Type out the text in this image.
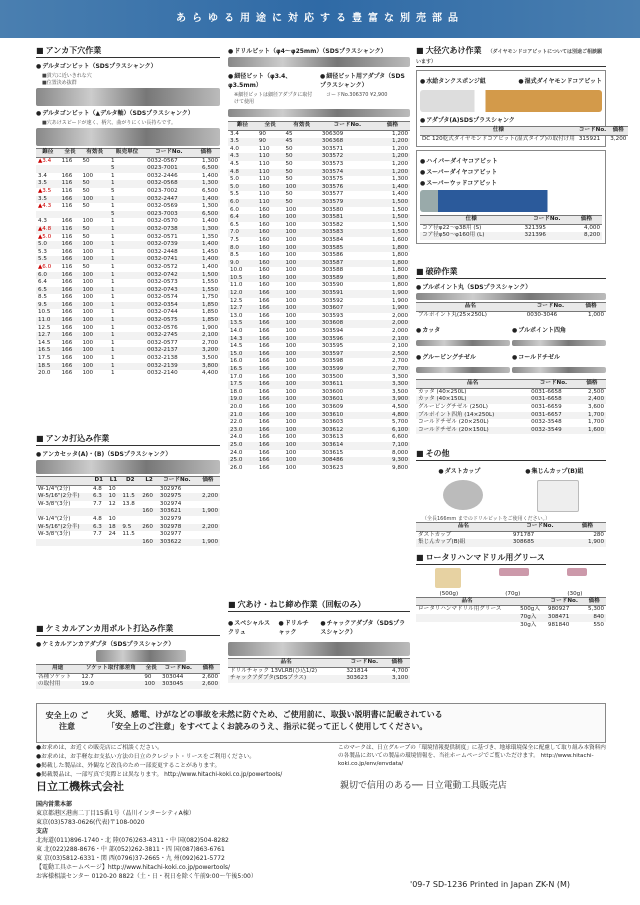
あらゆる用途に対応する豊富な別売部品
■ アンカ下穴作業
● デルタゴンビット（SDSプラスシャンク）
■貫穴に近いきれな穴
■位置決め抜群
● デルタゴンビット（▲デルタ軸）（SDSプラスシャンク）
■穴あけスピードが速く、柄穴、曲がりにくい長持ちです。
錐径	全長	有効長	販売単位	コードNo.	価格
▲3.4	116	50	1	0032-0567	1,300
			5	0023-7001	6,500
3.4	166	100	1	0032-2446	1,400
3.5	116	50	1	0032-0568	1,300
▲3.5	116	50	5	0023-7002	6,500
3.5	166	100	1	0032-2447	1,400
▲4.3	116	50	1	0032-0569	1,300
			5	0023-7003	6,500
4.3	166	100	1	0032-0570	1,400
▲4.8	116	50	1	0032-0738	1,300
▲5.0	116	50	1	0032-0571	1,350
5.0	166	100	1	0032-0739	1,400
5.3	166	100	1	0032-2448	1,450
5.5	166	100	1	0032-0741	1,400
▲6.0	116	50	1	0032-0572	1,400
6.0	166	100	1	0032-0742	1,500
6.4	166	100	1	0032-0573	1,550
6.5	166	100	1	0032-0743	1,550
8.5	166	100	1	0032-0574	1,750
9.5	166	100	1	0032-0354	1,850
10.5	166	100	1	0032-0744	1,850
11.0	166	100	1	0032-0575	1,850
12.5	166	100	1	0032-0576	1,900
12.7	166	100	1	0032-2745	2,100
14.5	166	100	1	0032-0577	2,700
16.5	166	100	1	0032-2137	3,200
17.5	166	100	1	0032-2138	3,500
18.5	166	100	1	0032-2139	3,800
20.0	166	100	1	0032-2140	4,400
■ アンカ打込み作業
● アンカセッタ(A)・(B)（SDSプラスシャンク）
	D1	L1	D2	L2	コードNo.	価格
W-1/4"(2分)	4.8	10			302976	
W-5/16"(2分半)	6.3	10	11.5	260	302975	2,200
W-3/8"(3分)	7.7	12	13.8		302974	
				160	303621	1,900
W-1/4"(2分)	4.8	10			302979	
W-5/16"(2分半)	6.3	18	9.5	260	302978	2,200
W-3/8"(3分)	7.7	24	11.5		302977	
				160	303622	1,900
■ ケミカルアンカ用ボルト打込み作業
● ケミカルアンカアダプタ（SDSプラスシャンク）
用途	ソケット取付部差角	全長	コードNo.	価格
各種ソケット	12.7	90	303044	2,600
の取付用	19.0	100	303045	2,600
● ドリルビット（φ4〜φ25mm）（SDSプラスシャンク）
● 細径ビット（φ3.4、φ3.5mm）
※細径ビットは細径アダプタに取付けて使用
● 細径ビット用アダプタ（SDSプラスシャンク）
コードNo.306370 ¥2,900
錐径	全長	有効長	コードNo.	価格
3.4	90	45	306309	1,200
3.5	90	45	306368	1,200
4.0	110	50	303571	1,200
4.3	110	50	303572	1,200
4.5	110	50	303573	1,200
4.8	110	50	303574	1,200
5.0	110	50	303575	1,300
5.0	160	100	303576	1,400
5.5	110	50	303577	1,400
6.0	110	50	303579	1,500
6.0	160	100	303580	1,500
6.4	160	100	303581	1,500
6.5	160	100	303582	1,500
7.0	160	100	303583	1,500
7.5	160	100	303584	1,600
8.0	160	100	303585	1,800
8.5	160	100	303586	1,800
9.0	160	100	303587	1,800
10.0	160	100	303588	1,800
10.5	160	100	303589	1,800
11.0	160	100	303590	1,800
12.0	166	100	303591	1,900
12.5	166	100	303592	1,900
12.7	166	100	303607	1,900
13.0	166	100	303593	2,000
13.5	166	100	303608	2,000
14.0	166	100	303594	2,000
14.3	166	100	303596	2,100
14.5	166	100	303595	2,100
15.0	166	100	303597	2,500
16.0	166	100	303598	2,700
16.5	166	100	303599	2,700
17.0	166	100	303500	3,300
17.5	166	100	303611	3,300
18.0	166	100	303600	3,500
19.0	166	100	303601	3,900
20.0	166	100	303609	4,500
21.0	166	100	303610	4,800
22.0	166	100	303603	5,700
23.0	166	100	303612	6,100
24.0	166	100	303613	6,600
25.0	166	100	303614	7,100
24.0	166	100	303615	8,000
25.0	166	100	308486	9,300
26.0	166	100	303623	9,800
■ 穴あけ・ねじ締め作業（回転のみ）
● スペシャルスクリュ
● ドリルチャック
● チャックアダプタ（SDSプラスシャンク）
品名	コードNo.	価格
ドリルチャック 13VLRB(ひ込1/2)	321814	4,700
チャックアダプタ(SDSプラス)	303623	3,100
■ 大径穴あけ作業 （ダイヤモンドコアビットについては別途ご相談願います）
● 水給タンクスポンジ組	● 湿式ダイヤモンドコアビット
● アダプタ(A)SDSプラスシャンク
仕様	コードNo.	価格
DC 120乾式ダイヤモンドコアビット(湿式タイプ)の取付け用	315921	3,200
● ハイパーダイヤコアビット
● スーパーダイヤコアビット
● スーパーウッドコアビット
仕様	コードNo.	価格
コア径φ22〜φ38用 (S)	321395	4,000
コア径φ50〜φ160用 (L)	321396	8,200
■ 破砕作業
● ブルポイント丸（SDSプラスシャンク）
品名	コードNo.	価格
ブルポイント丸(25×250L)	0030-3046	1,000
● カッタ	● ブルポイント四角
● グルービングチゼル	● コールドチゼル
品名	コードNo.	価格
カッタ (40×250L)	0031-6658	2,500
カッタ (40×150L)	0031-6658	2,400
グルービングチゼル (250L)	0031-6659	3,600
ブルポイント四角 (14×250L)	0031-6657	1,700
コールドチゼル (20×250L)	0032-3548	1,700
コールドチゼル (20×150L)	0032-3549	1,600
■ その他
● ダストカップ	● 集じんカップ(B)組
（全長166mm までのドリルビットをご使用ください。）
品名	コードNo.	価格
ダストカップ	971787	280
集じんカップ(B)組	308685	1,900
■ ロータリハンマドリル用グリース
(500g)	(70g)	(30g)
品名		コードNo.	価格
ロータリハンマドリル用グリース	500g入	980927	5,300
	70g入	308471	840
	30g入	981840	550
安全上の ご注意
火災、感電、けがなどの事故を未然に防ぐため、ご使用前に、取扱い説明書に記載されている
「安全上のご注意」をすべてよくお読みのうえ、指示に従って正しく使用してください。
●お求めは、お近くの販売店にご相談ください。
●お求めは、お手軽なお支払い方法の日立のクレジット・リースをご利用ください。
●掲載した製品は、外観など改良のため一部変更することがあります。
●掲載製品は、一部写真で実際とは異なります。 http://www.hitachi-koki.co.jp/powertools/
このマークは、日立グループの「環境情報提供制度」に基づき、地球環境保全に配慮して取り組み本資料内の各製品においての製品の環境情報を、当社ホームページでご覧いただけます。 http://www.hitachi-koki.co.jp/env/envdata/
日立工機株式会社
国内営業本部
東京都港区港南二丁目15番1号（品川インターシティA棟）
東京(03)5783-0626(代表)〒108-0020
支店
北海道(011)896-1740・北 陸(076)263-4311・中 国(082)504-8282
東 北(022)288-8676・中 部(052)262-3811・四 国(087)863-6761
東 京(03)5812-6331・関 西(0796)37-2665・九 州(092)621-5772
【電動工具ホームページ】http://www.hitachi-koki.co.jp/powertools/
お客様相談センター 0120-20 8822（土・日・祝日を除く午前9:00〜午後5:00）
親切で信用のある── 日立電動工具販売店
'09-7 SD-1236 Printed in Japan ZK-N (M)
